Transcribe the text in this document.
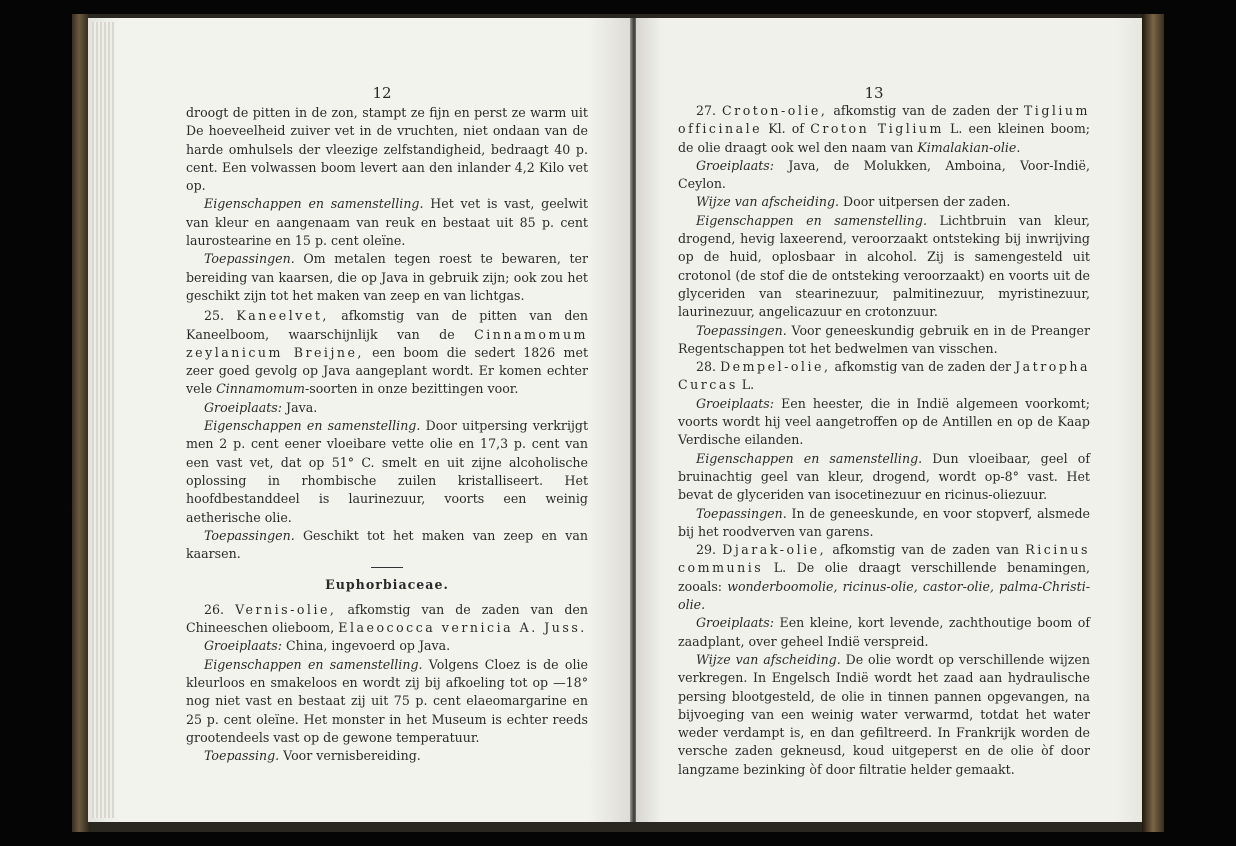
12

droogt de pitten in de zon, stampt ze fijn en perst ze warm uit De hoeveelheid zuiver vet in de vruchten, niet ondaan van de harde omhulsels der vleezige zelfstandigheid, bedraagt 40 p. cent. Een volwassen boom levert aan den inlander 4,2 Kilo vet op.

Eigenschappen en samenstelling. Het vet is vast, geelwit van kleur en aangenaam van reuk en bestaat uit 85 p. cent laurostearine en 15 p. cent oleïne.

Toepassingen. Om metalen tegen roest te bewaren, ter bereiding van kaarsen, die op Java in gebruik zijn; ook zou het geschikt zijn tot het maken van zeep en van lichtgas.

25. Kaneelvet, afkomstig van de pitten van den Kaneelboom, waarschijnlijk van de Cinnamomum zeylanicum Breijne, een boom die sedert 1826 met zeer goed gevolg op Java aangeplant wordt. Er komen echter vele Cinnamomum-soorten in onze bezittingen voor.

Groeiplaats: Java.

Eigenschappen en samenstelling. Door uitpersing verkrijgt men 2 p. cent eener vloeibare vette olie en 17,3 p. cent van een vast vet, dat op 51° C. smelt en uit zijne alcoholische oplossing in rhombische zuilen kristalliseert. Het hoofdbestanddeel is laurinezuur, voorts een weinig aetherische olie.

Toepassingen. Geschikt tot het maken van zeep en van kaarsen.

Euphorbiaceae.

26. Vernis-olie, afkomstig van de zaden van den Chineeschen olieboom, Elaeococca vernicia A. Juss.

Groeiplaats: China, ingevoerd op Java.

Eigenschappen en samenstelling. Volgens Cloez is de olie kleurloos en smakeloos en wordt zij bij afkoeling tot op —18° nog niet vast en bestaat zij uit 75 p. cent elaeomargarine en 25 p. cent oleïne. Het monster in het Museum is echter reeds grootendeels vast op de gewone temperatuur.

Toepassing. Voor vernisbereiding.

13

27. Croton-olie, afkomstig van de zaden der Tiglium officinale Kl. of Croton Tiglium L. een kleinen boom; de olie draagt ook wel den naam van Kimalakian-olie.

Groeiplaats: Java, de Molukken, Amboina, Voor-Indië, Ceylon.

Wijze van afscheiding. Door uitpersen der zaden.

Eigenschappen en samenstelling. Lichtbruin van kleur, drogend, hevig laxeerend, veroorzaakt ontsteking bij inwrijving op de huid, oplosbaar in alcohol. Zij is samengesteld uit crotonol (de stof die de ontsteking veroorzaakt) en voorts uit de glyceriden van stearinezuur, palmitinezuur, myristinezuur, laurinezuur, angelicazuur en crotonzuur.

Toepassingen. Voor geneeskundig gebruik en in de Preanger Regentschappen tot het bedwelmen van visschen.

28. Dempel-olie, afkomstig van de zaden der Jatropha Curcas L.

Groeiplaats: Een heester, die in Indië algemeen voorkomt; voorts wordt hij veel aangetroffen op de Antillen en op de Kaap Verdische eilanden.

Eigenschappen en samenstelling. Dun vloeibaar, geel of bruinachtig geel van kleur, drogend, wordt op-8° vast. Het bevat de glyceriden van isocetinezuur en ricinus-oliezuur.

Toepassingen. In de geneeskunde, en voor stopverf, alsmede bij het roodverven van garens.

29. Djarak-olie, afkomstig van de zaden van Ricinus communis L. De olie draagt verschillende benamingen, zooals: wonderboomolie, ricinus-olie, castor-olie, palma-Christi-olie.

Groeiplaats: Een kleine, kort levende, zachthoutige boom of zaadplant, over geheel Indië verspreid.

Wijze van afscheiding. De olie wordt op verschillende wijzen verkregen. In Engelsch Indië wordt het zaad aan hydraulische persing blootgesteld, de olie in tinnen pannen opgevangen, na bijvoeging van een weinig water verwarmd, totdat het water weder verdampt is, en dan gefiltreerd. In Frankrijk worden de versche zaden gekneusd, koud uitgeperst en de olie òf door langzame bezinking òf door filtratie helder gemaakt.
